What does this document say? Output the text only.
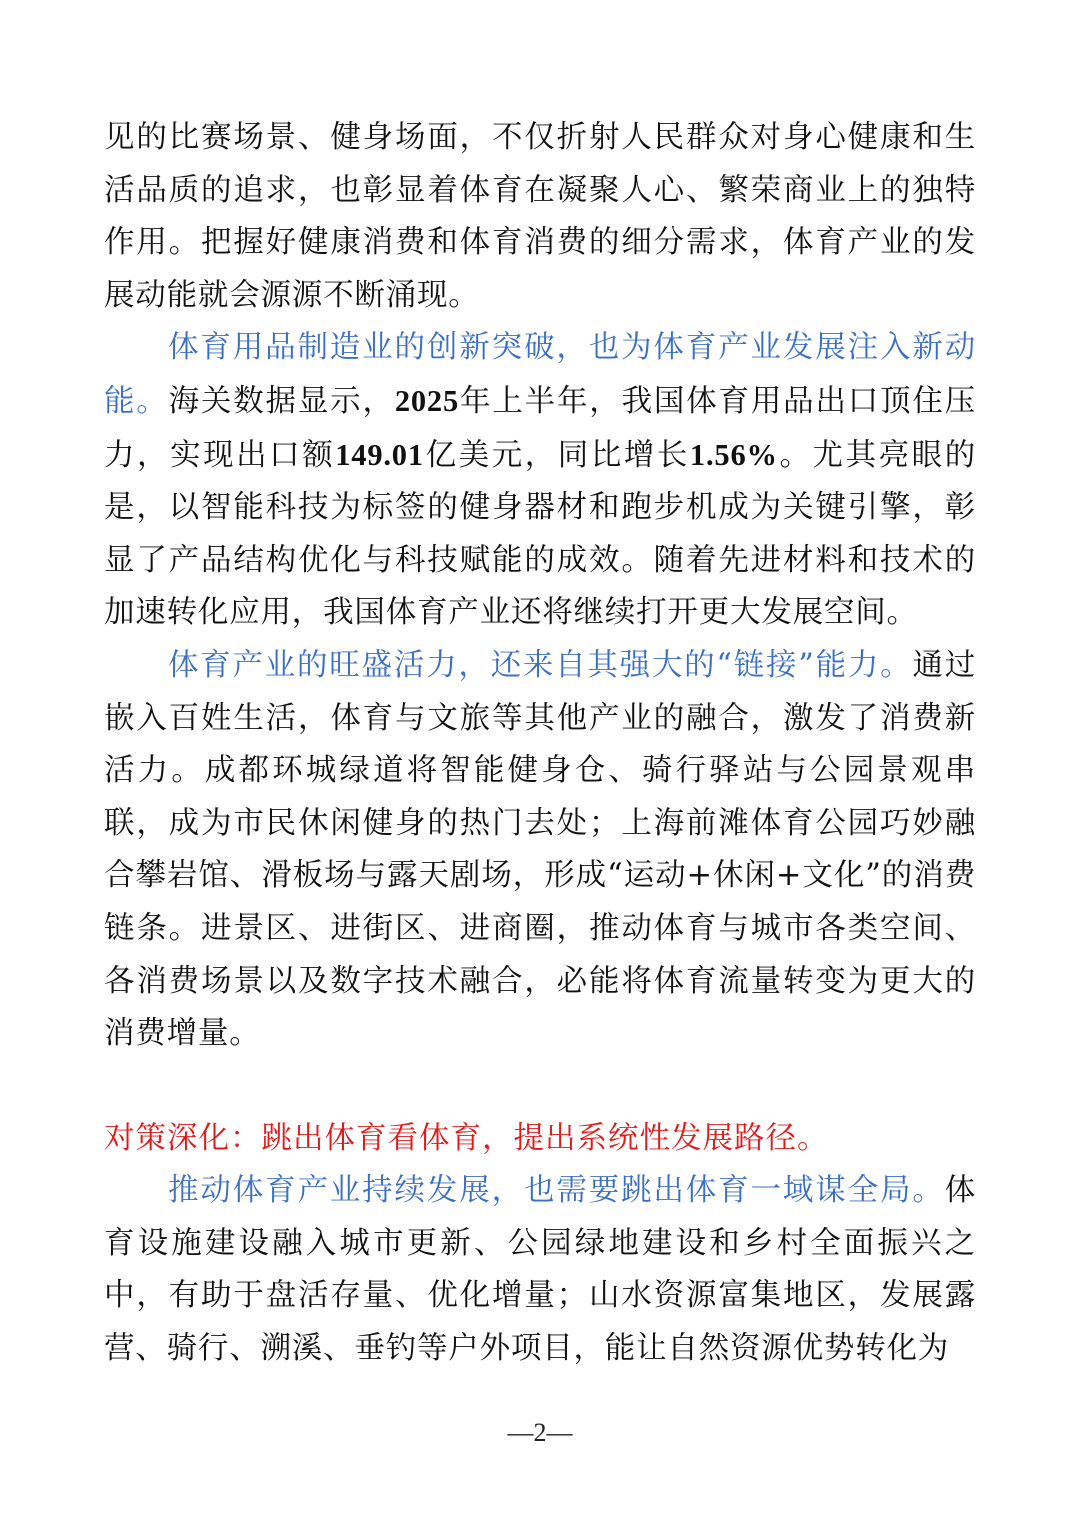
见的比赛场景、健身场面，不仅折射人民群众对身心健康和生活品质的追求，也彰显着体育在凝聚人心、繁荣商业上的独特作用。把握好健康消费和体育消费的细分需求，体育产业的发展动能就会源源不断涌现。

体育用品制造业的创新突破，也为体育产业发展注入新动能。海关数据显示，2025年上半年，我国体育用品出口顶住压力，实现出口额149.01亿美元，同比增长1.56%。尤其亮眼的是，以智能科技为标签的健身器材和跑步机成为关键引擎，彰显了产品结构优化与科技赋能的成效。随着先进材料和技术的加速转化应用，我国体育产业还将继续打开更大发展空间。

体育产业的旺盛活力，还来自其强大的“链接”能力。通过嵌入百姓生活，体育与文旅等其他产业的融合，激发了消费新活力。成都环城绿道将智能健身仓、骑行驿站与公园景观串联，成为市民休闲健身的热门去处；上海前滩体育公园巧妙融合攀岩馆、滑板场与露天剧场，形成“运动+休闲+文化”的消费链条。进景区、进街区、进商圈，推动体育与城市各类空间、各消费场景以及数字技术融合，必能将体育流量转变为更大的消费增量。

对策深化：跳出体育看体育，提出系统性发展路径。

推动体育产业持续发展，也需要跳出体育一域谋全局。体育设施建设融入城市更新、公园绿地建设和乡村全面振兴之中，有助于盘活存量、优化增量；山水资源富集地区，发展露营、骑行、溯溪、垂钓等户外项目，能让自然资源优势转化为

—2—
